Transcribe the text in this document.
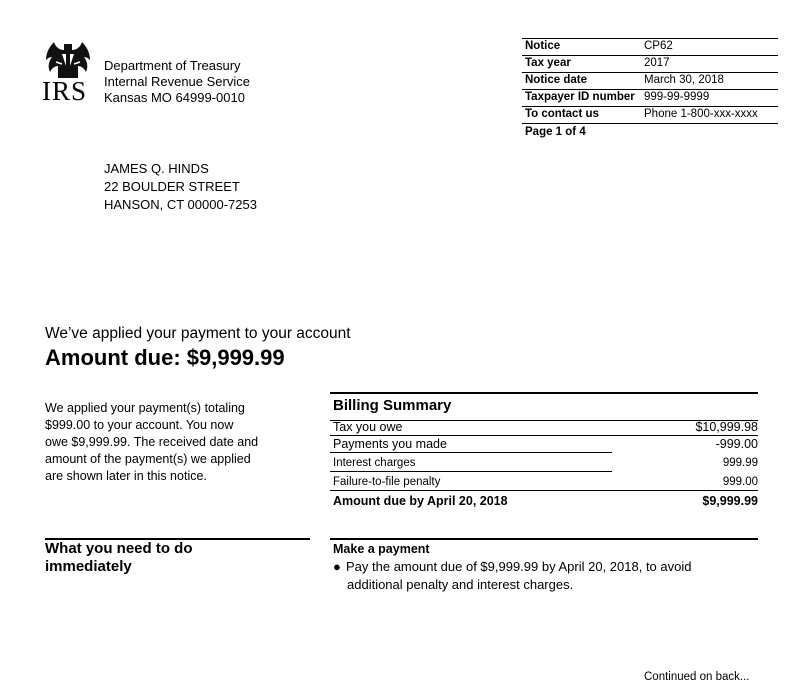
IRS
Department of Treasury
Internal Revenue Service
Kansas MO 64999-0010
Notice	CP62
Tax year	2017
Notice date	March 30, 2018
Taxpayer ID number 999-99-9999
To contact us	Phone 1-800-xxx-xxxx
Page 1 of 4
JAMES Q. HINDS
22 BOULDER STREET
HANSON, CT 00000-7253
We’ve applied your payment to your account
Amount due: $9,999.99
We applied your payment(s) totaling
$999.00 to your account. You now
owe $9,999.99. The received date and
amount of the payment(s) we applied
are shown later in this notice.
Billing Summary
Tax you owe	$10,999.98
Payments you made	-999.00
Interest charges	999.99
Failure-to-file penalty	999.00
Amount due by April 20, 2018	$9,999.99
What you need to do
immediately
Make a payment
● Pay the amount due of $9,999.99 by April 20, 2018, to avoid
additional penalty and interest charges.
Continued on back...
